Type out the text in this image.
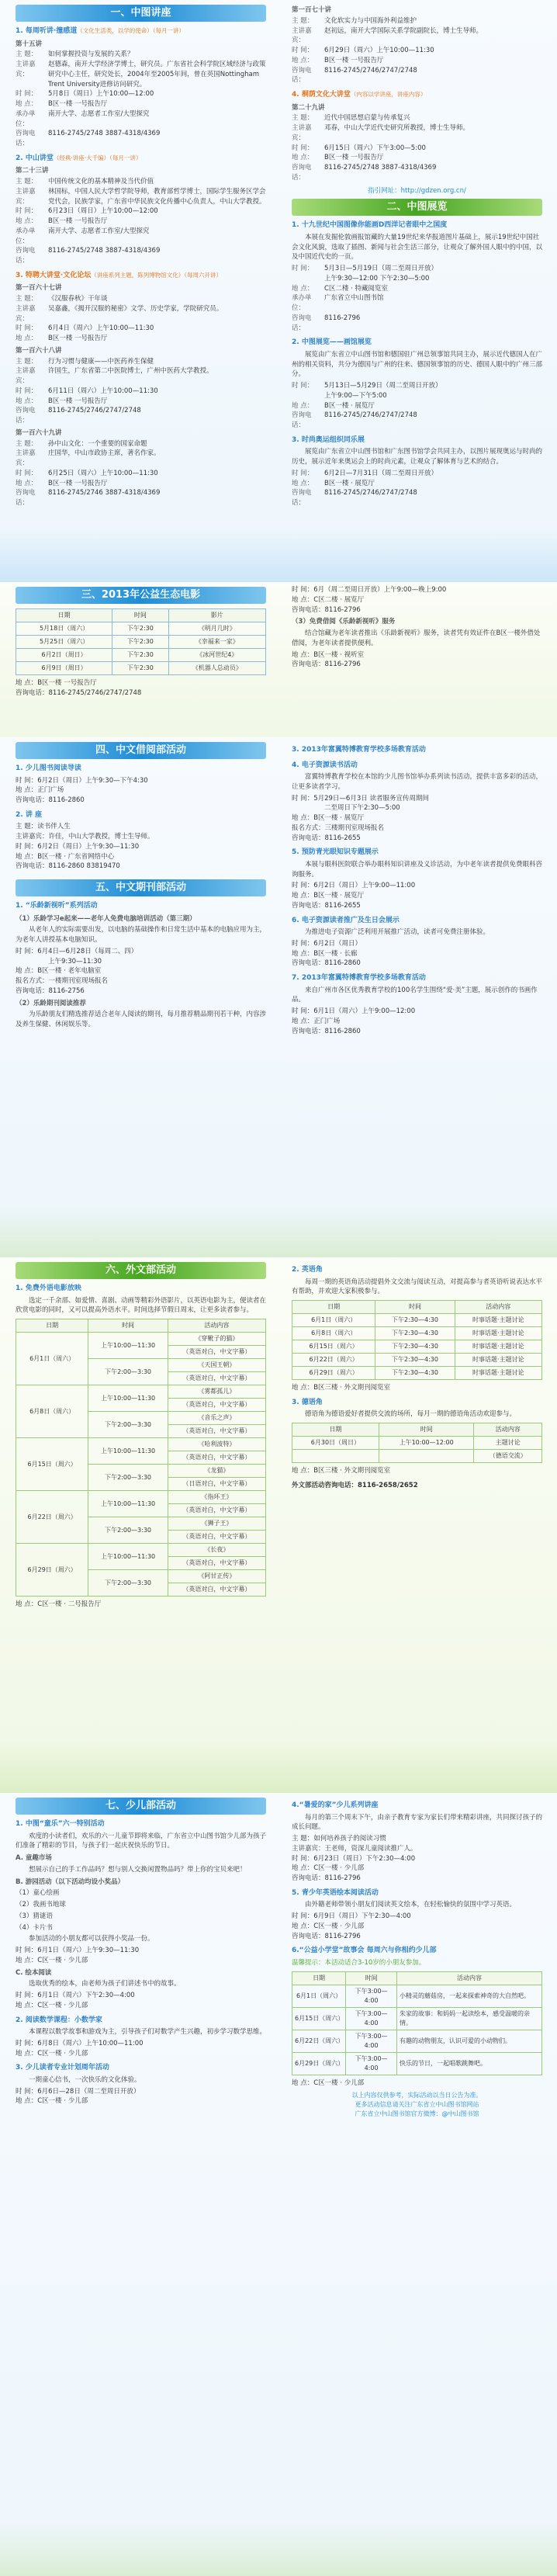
一、中图讲座
1. 每周听讲·撞感道（文化生活类，以学的使命）（每月一讲）
第十五讲
主 题：	如何掌握投资与发展的关系？
主讲嘉宾：
赵德森，南开大学经济学博士，研究员。广东省社会科学院区域经济与政策研究中心主任，研究处长，2004年至2005年间，曾在英国Nottingham Trent University进修访问研究。
时 间：	5月8日（周日）上午10:00—12:00
地 点：	B区一楼 一号报告厅
承办单位：
南开大学、志愿者工作室/大型探究
咨询电话：
8116-2745/2748 3887-4318/4369
2. 中山讲堂（经典·讲座·大千编）（每月一讲）
第二十三讲
主 题：	中国传统文化的基本精神及当代价值
主讲嘉宾：
林国标，中国人民大学哲学院导师，教育部哲学博士，国际学生服务区学会党代会，民族学家，广东省中华民族文化传播中心负责人，中山大学教授。
时 间：	6月23日（周日）上午10:00—12:00
地 点：	B区一楼 一号报告厅
承办单位：
南开大学、志愿者工作室/大型探究
咨询电话：
8116-2745/2748 3887-4318/4369
3. 特聘大讲堂·文化论坛（讲座系列主题，陈列博物馆文化）（每周六开讲）
第一百六十七讲
主 题：	《汉服春秋》干年谈
主讲嘉宾：
吴嘉鑫，《揭开汉服的秘密》文学、历史学家，学院研究员。
时 间：	6月4日（周六）上午10:00—11:30
地 点：	B区一楼 一号报告厅
第一百六十八讲
主 题：	行为习惯与健康——中医药养生保健
主讲嘉宾：
许国生，广东省第二中医院博士，广州中医药大学教授。
时 间：	6月11日（周六）上午10:00—11:30
地 点：	B区一楼 一号报告厅
咨询电话：
8116-2745/2746/2747/2748
第一百六十九讲
主 题：	孙中山文化：一个重要的国家命题
主讲嘉宾：
庄国华，中山市政协主席，著名作家。
时 间：	6月25日（周六）上午10:00—11:30
地 点：	B区一楼 一号报告厅
咨询电话：
8116-2745/2746 3887-4318/4369
第一百七十讲
主 题：	文化软实力与中国海外利益维护
主讲嘉宾：
赵初远，南开大学国际关系学院副院长，博士生导师。
时 间：	6月29日（周六）上午10:00—11:30
地 点：	B区一楼 一号报告厅
咨询电话：
8116-2745/2746/2747/2748
4. 桐荫文化大讲堂（内容以学讲座，讲座内容）
第二十九讲
主 题：	近代中国思想启蒙与传承复兴
主讲嘉宾：
邓春，中山大学近代史研究所教授，博士生导师。
时 间：	6月15日（周六）下午3:00—5:00
地 点：	B区一楼 一号报告厅
咨询电话：
8116-2745/2748 3887-4318/4369
指引网址：http://gdzen.org.cn/
二、中图展览
1. 十九世纪中国图像你能画D西洋记者眼中之国度
本展在发掘伦敦画报馆藏的大量19世纪来华报道图片基础上，展示19世纪中国社会文化风貌，选取了插图、新闻与社会生活三部分，让观众了解外国人眼中的中国，以及中国近代史的一页。
时 间：	5月3日—5月19日（周二至周日开放）
上午9:30—12:00 下午2:30—5:00
地 点：	C区二楼 · 特藏阅览室
承办单位：
广东省立中山图书馆
咨询电话：
8116-2796
2. 中图展览——画馆展览
展览由广东省立中山图书馆和德国驻广州总领事馆共同主办，展示近代德国人在广州的相关资料，共分为德国与广州的往来、德国领事馆的历史、德国人眼中的广州三部分。
时 间：	5月13日—5月29日（周二至周日开放）
上午9:00—下午5:00
地 点：	B区一楼 · 展览厅
咨询电话：
8116-2745/2746/2747/2748
3. 时尚奥运组织同乐展
展览由广东省立中山图书馆和广东图书馆学会共同主办，以图片展现奥运与时尚的历史，展示近年来奥运会上的时尚元素，让观众了解体育与艺术的结合。
时 间：	6月2日—7月31日（周二至周日开放）
地 点：	B区一楼 · 展览厅
咨询电话：
8116-2745/2746/2747/2748
三、2013年公益生态电影
日期	时间	影片
5月18日（周六）	下午2:30	《明月几时》
5月25日（周六）	下午2:30	《幸福来一家》
6月2日（周日）	下午2:30	《冰河世纪4》
6月9日（周日）	下午2:30	《机器人总动员》
地 点：B区一楼 一号报告厅
咨询电话：8116-2745/2746/2747/2748
时 间：6月（周二至周日开放）上午9:00—晚上9:00
地 点：C区二楼 · 展览厅
咨询电话：8116-2796
（3）免费借阅《乐龄新视听》服务
结合馆藏为老年读者推出《乐龄新视听》服务，读者凭有效证件在B区一楼外借处借阅，为老年读者提供便利。
地 点：B区一楼 · 视听室
咨询电话：8116-2796
四、中文借阅部活动
1. 少儿图书阅读导读
时 间：6月2日（周日）上午9:30—下午4:30
地 点：正门广场
咨询电话：8116-2860
2. 讲 座
主 题：读书伴人生
主讲嘉宾：许佳，中山大学教授，博士生导师。
时 间：6月2日（周日）上午9:30—11:30
地 点：B区一楼 · 广东省网络中心
咨询电话：8116-2860 83819470
五、中文期刊部活动
1. “乐龄新视听”系列活动
（1）乐龄学习e起来——老年人免费电脑培训活动（第三期）
从老年人的实际需要出发，以电脑的基础操作和日常生活中基本的电脑应用为主，为老年人讲授基本电脑知识。
时 间：6月4日—6月28日（每周二、四）
上午9:30—11:30
地 点：B区一楼 · 老年电脑室
报名方式：一楼期刊室现场报名
咨询电话：8116-2756
（2）乐龄期刊阅读推荐
为乐龄朋友们精选推荐适合老年人阅读的期刊，每月推荐精品期刊若干种，内容涉及养生保健、休闲娱乐等。
3. 2013年富翼特博教育学校多场教育活动
4. 电子资源读书活动
富翼特博教育学校在本馆的少儿图书馆举办系列读书活动，提供丰富多彩的活动，让更多读者学习。
时 间：5月29日—6月3日 读者服务宣传周期间
二至周日下午2:30—5:00
地 点：B区一楼 · 展览厅
报名方式：三楼期刊室现场报名
咨询电话：8116-2655
5. 预防青光眼知识专题展示
本展与眼科医院联合举办眼科知识讲座及义诊活动，为中老年读者提供免费眼科咨询服务。
时 间：6月2日（周日）上午9:00—11:00
地 点：B区一楼 · 展览厅
咨询电话：8116-2655
6. 电子资源读者推广及生日会展示
为推进电子资源广泛利用开展推广活动，读者可免费注册体验。
时 间：6月2日（周日）
地 点：B区一楼 · 长廊
咨询电话：8116-2860
7. 2013年富翼特博教育学校多场教育活动
来自广州市各区优秀教育学校的100名学生围绕“爱·美”主题，展示创作的书画作品。
时 间：6月1日（周六）上午9:00—12:00
地 点：正门广场
咨询电话：8116-2860
六、外文部活动
1. 免费外语电影放映
选定一千余部、如爱情、喜剧、动画等精彩外语影片，以英语电影为主，便读者在欣赏电影的同时，又可以提高外语水平。时间选择节假日周末，让更多读者参与。
日期	时间	活动内容
6月1日（周六）	上午10:00—11:30	《穿靴子的猫》
		（英语对白，中文字幕）
	下午2:00—3:30	《天国王朝》
		（英语对白，中文字幕）
6月8日（周六）	上午10:00—11:30	《雾都孤儿》
		（英语对白，中文字幕）
	下午2:00—3:30	《音乐之声》
		（英语对白，中文字幕）
6月15日（周六）	上午10:00—11:30	《哈利波特》
		（英语对白，中文字幕）
	下午2:00—3:30	《龙猫》
		（日语对白，中文字幕）
6月22日（周六）	上午10:00—11:30	《指环王》
		（英语对白，中文字幕）
	下午2:00—3:30	《狮子王》
		（英语对白，中文字幕）
6月29日（周六）	上午10:00—11:30	《长夜》
		（英语对白，中文字幕）
	下午2:00—3:30	《阿甘正传》
		（英语对白，中文字幕）
地 点：C区一楼 · 二号报告厅
2. 英语角
每周一期的英语角活动提倡外文交流与阅读互动，对提高参与者英语听说表达水平有帮助，并欢迎大家积极参与。
日期	时间	活动内容
6月1日（周六）	下午2:30—4:30	时事话题·主题讨论
6月8日（周六）	下午2:30—4:30	时事话题·主题讨论
6月15日（周六）	下午2:30—4:30	时事话题·主题讨论
6月22日（周六）	下午2:30—4:30	时事话题·主题讨论
6月29日（周六）	下午2:30—4:30	时事话题·主题讨论
地 点：B区三楼 · 外文期刊阅览室
3. 德语角
德语角为德语爱好者提供交流的场所，每月一期的德语角活动欢迎参与。
日期	时间	活动内容
6月30日（周日）	上午10:00—12:00	主题讨论
		（德语交流）
地 点：B区三楼 · 外文期刊阅览室
外文部活动咨询电话：8116-2658/2652
七、少儿部活动
1. 中图“童乐”六一特别活动
欢度的小读者们，欢乐的六一儿童节即将来临，广东省立中山图书馆少儿部为孩子们准备了精彩的节目，与孩子们一起庆祝快乐的节日。
A. 童趣市场
想展示自己的手工作品吗？想与别人交换闲置物品吗？带上你的宝贝来吧！
B. 游园活动（以下活动均设小奖品）
（1）童心绘画
（2）我画书地球
（3）猜谜语
（4）卡片书
参加活动的小朋友都可以获得小奖品一份。
时 间：6月1日（周六）上午9:30—11:30
地 点：C区一楼 · 少儿部
C. 绘本阅读
选取优秀的绘本，由老师为孩子们讲述书中的故事。
时 间：6月1日（周六）下午2:30—4:00
地 点：C区一楼 · 少儿部
2. 阅读数学课程：小数学家
本课程以数学故事和游戏为主，引导孩子们对数学产生兴趣，初步学习数学思维。
时 间：6月8日（周六）上午10:00—11:00
地 点：C区一楼 · 少儿部
3. 少儿读者专业计划周年活动
一期童心信书，一次快乐的文化体验。
时 间：6月6日—28日（周二至周日开放）
地 点：C区一楼 · 少儿部
4.“暑爱的家”少儿系列讲座
每月的第三个周末下午，由亲子教育专家为家长们带来精彩讲座，共同探讨孩子的成长问题。
主 题：如何培养孩子的阅读习惯
主讲嘉宾：王老师，资深儿童阅读推广人。
时 间：6月23日（周日）下午2:30—4:00
地 点：C区一楼 · 少儿部
咨询电话：8116-2796
5. 青少年英语绘本阅读活动
由外籍老师带领小朋友们阅读英文绘本，在轻松愉快的氛围中学习英语。
时 间：6月9日（周日）下午2:30—4:00
地 点：C区一楼 · 少儿部
咨询电话：8116-2796
6.“公益小学堂”故事会 每周六与你相约少儿部
温馨提示：本活动适合3-10岁的小朋友参加。
日期	时间	活动内容
6月1日（周六）	下午3:00—4:00	小精灵的蘑菇房，一起来探索神奇的大自然吧。
6月15日（周六）	下午3:00—4:00	朱家的故事：和妈妈一起读绘本，感受温暖的亲情。
6月22日（周六）	下午3:00—4:00	有趣的动物朋友，认识可爱的小动物们。
6月29日（周六）	下午3:00—4:00	快乐的节日，一起唱歌跳舞吧。
地 点：C区一楼 · 少儿部
以上内容仅供参考，实际活动以当日公告为准。
更多活动信息请关注广东省立中山图书馆网站
广东省立中山图书馆官方微博：@中山图书馆
